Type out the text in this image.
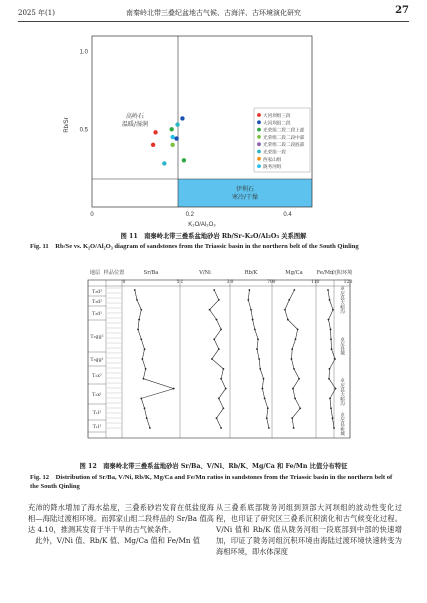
2025 年(1)	南秦岭北带三叠纪盆地古气候、古海洋、古环境演化研究	27
大河坝组三段
大河坝组二段
光荣组二段二段上部
光荣组二段二段中部
光荣组二段二段底部
光荣组一段
西家山组
陇务河组
Rb/Sr
K₂O/Al₂O₃
1.0
0.5
0	0.2	0.4
高岭石
温暖/湿润
伊利石
寒冷/干燥
图 11　南秦岭北带三叠系盆地砂岩 Rb/Sr–K₂O/Al₂O₃ 关系图解
Fig. 11　 Rb/Se vs. K₂O/Al₂O₃ diagram of sandstones from the Triassic basin in the northern belt of the South Qinling
地层 样品位置	Sr/Ba	V/Ni	Rb/K	Mg/Ca	Fe/Mn
沉积环境
T₃d³
T₃d²
T₃d¹
T₃gg²
T₃gg¹
T₂x²
T₂x¹
T₁l²
T₁l¹
卓尼县大峪沟
卓尼县城
卓尼县大峪沟
卓尼县新城
0	5 1	3 0	70 0	11 0	120
图 12　南秦岭北带三叠系盆地砂岩 Sr/Ba、V/Ni、Rb/K、Mg/Ca 和 Fe/Mn 比值分布特征
Fig. 12　 Distribution of Sr/Ba, V/Ni, Rb/K, Mg/Ca and Fe/Mn ratios in sandstones from the Triassic basin in the northern belt of the South Qinling
充沛的降水增加了海水盐度，三叠系砂岩发育在低盐度海相—海陆过渡相环境。而郭家山组二段样品的 Sr/Ba 值高达 4.10，推测其发育于半干旱的古气候条件。
　此外，V/Ni 值、Rb/K 值、Mg/Ca 值和 Fe/Mn 值
从三叠系底部陇务河组到顶部大河坝组的波动性变化过程，也印证了研究区三叠系沉积演化和古气候变化过程。V/Ni 值和 Rb/K 值从陇务河组一段底部到中部的快速增加，印证了陇务河组沉积环境由海陆过渡环境快速转变为海相环境，即水体深度
